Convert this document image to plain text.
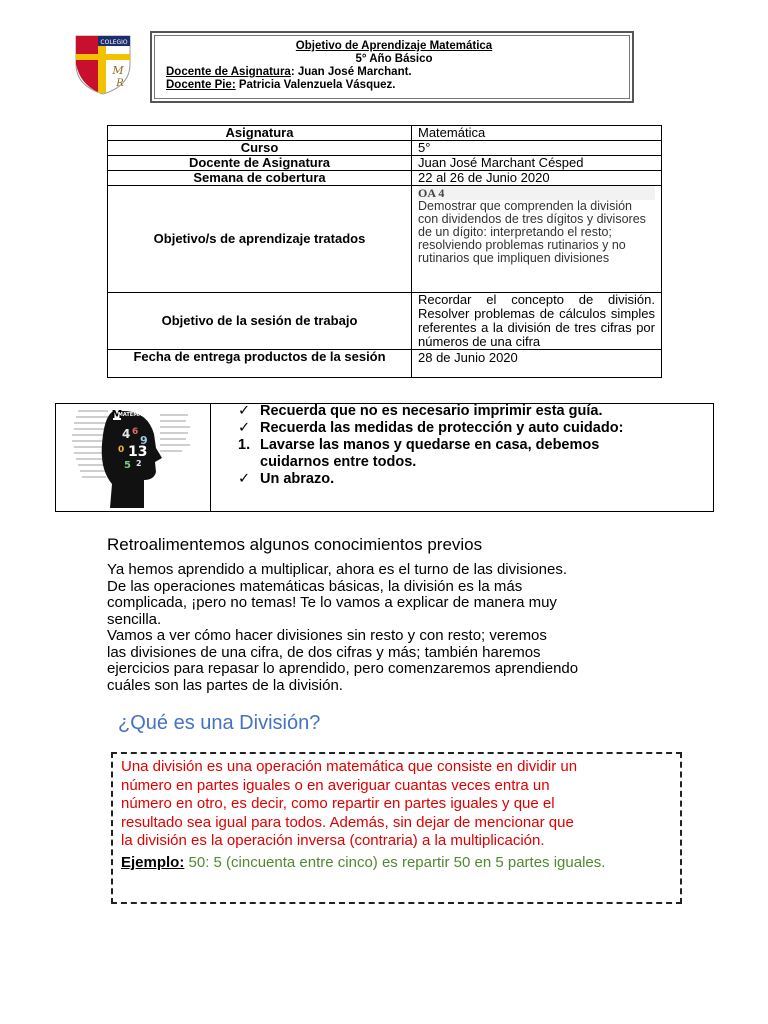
COLEGIO
M
R
Objetivo de Aprendizaje Matemática
5° Año Básico
Docente de Asignatura: Juan José Marchant.
Docente Pie: Patricia Valenzuela Vásquez.
Asignatura	Matemática
Curso	5°
Docente de Asignatura	Juan José Marchant Césped
Semana de cobertura	22 al 26 de Junio 2020
Objetivo/s de aprendizaje tratados	OA 4
Demostrar que comprenden la división con dividendos de tres dígitos y divisores de un dígito: interpretando el resto; resolviendo problemas rutinarios y no rutinarios que impliquen divisiones

Objetivo de la sesión de trabajo	Recordar el concepto de división. Resolver problemas de cálculos simples referentes a la división de tres cifras por números de una cifra
Fecha de entrega productos de la sesión	28 de Junio 2020
M
MATEMÁTICAS
4 6
9
0 13
5 2
✓ Recuerda que no es necesario imprimir esta guía.
✓ Recuerda las medidas de protección y auto cuidado:
1. Lavarse las manos y quedarse en casa, debemos
cuidarnos entre todos.
✓ Un abrazo.
Retroalimentemos algunos conocimientos previos
Ya hemos aprendido a multiplicar, ahora es el turno de las divisiones.
De las operaciones matemáticas básicas, la división es la más
complicada, ¡pero no temas! Te lo vamos a explicar de manera muy
sencilla.
Vamos a ver cómo hacer divisiones sin resto y con resto; veremos
las divisiones de una cifra, de dos cifras y más; también haremos
ejercicios para repasar lo aprendido, pero comenzaremos aprendiendo
cuáles son las partes de la división.
¿Qué es una División?
Una división es una operación matemática que consiste en dividir un
número en partes iguales o en averiguar cuantas veces entra un
número en otro, es decir, como repartir en partes iguales y que el
resultado sea igual para todos. Además, sin dejar de mencionar que
la división es la operación inversa (contraria) a la multiplicación.
Ejemplo: 50: 5 (cincuenta entre cinco) es repartir 50 en 5 partes iguales.
